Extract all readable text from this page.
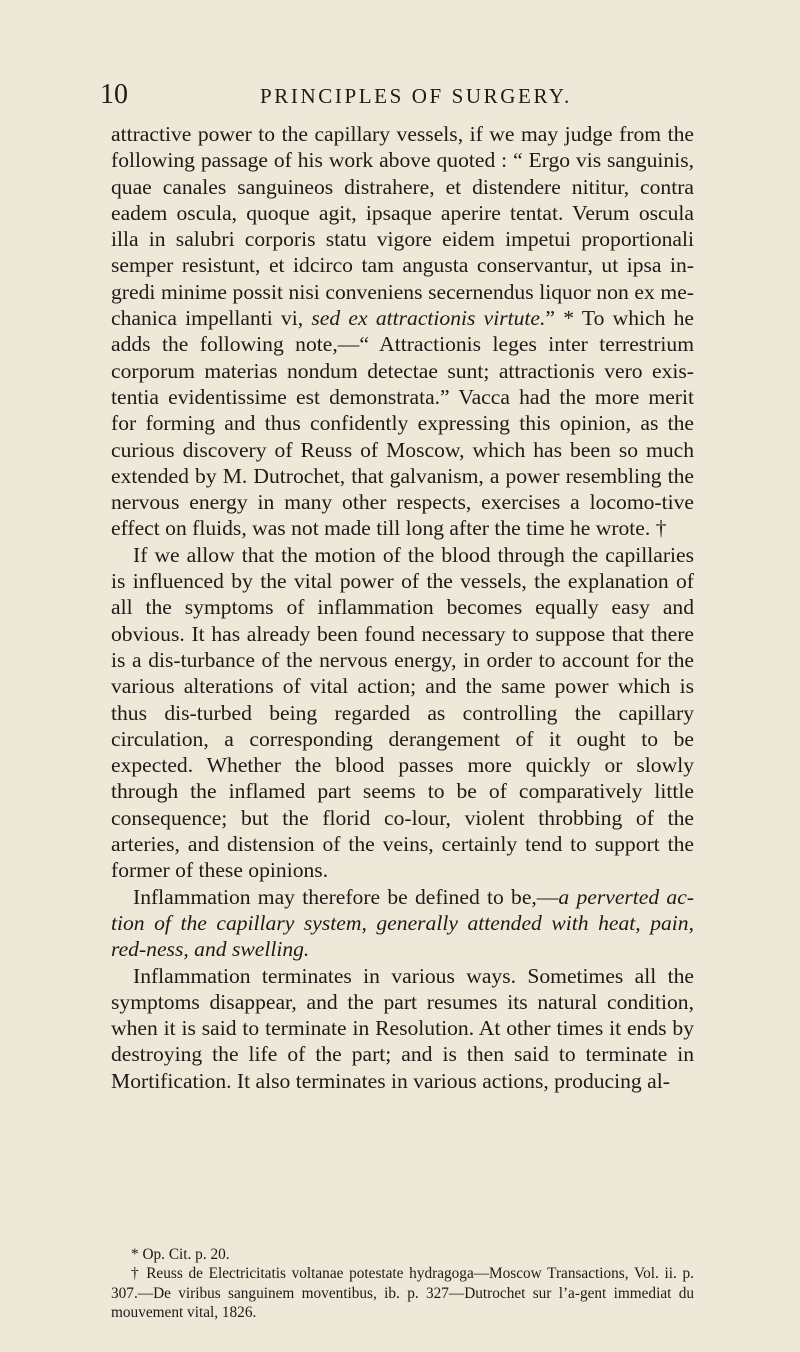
10	PRINCIPLES OF SURGERY.

attractive power to the capillary vessels, if we may judge from the following passage of his work above quoted : “ Ergo vis sanguinis, quae canales sanguineos distrahere, et distendere nititur, contra eadem oscula, quoque agit, ipsaque aperire tentat. Verum oscula illa in salubri corporis statu vigore eidem impetui proportionali semper resistunt, et idcirco tam angusta conservantur, ut ipsa in-gredi minime possit nisi conveniens secernendus liquor non ex me-chanica impellanti vi, sed ex attractionis virtute.” * To which he adds the following note,—“ Attractionis leges inter terrestrium corporum materias nondum detectae sunt; attractionis vero exis-tentia evidentissime est demonstrata.” Vacca had the more merit for forming and thus confidently expressing this opinion, as the curious discovery of Reuss of Moscow, which has been so much extended by M. Dutrochet, that galvanism, a power resembling the nervous energy in many other respects, exercises a locomo-tive effect on fluids, was not made till long after the time he wrote. †

If we allow that the motion of the blood through the capillaries is influenced by the vital power of the vessels, the explanation of all the symptoms of inflammation becomes equally easy and obvious. It has already been found necessary to suppose that there is a dis-turbance of the nervous energy, in order to account for the various alterations of vital action; and the same power which is thus dis-turbed being regarded as controlling the capillary circulation, a corresponding derangement of it ought to be expected. Whether the blood passes more quickly or slowly through the inflamed part seems to be of comparatively little consequence; but the florid co-lour, violent throbbing of the arteries, and distension of the veins, certainly tend to support the former of these opinions.

Inflammation may therefore be defined to be,—a perverted ac-tion of the capillary system, generally attended with heat, pain, red-ness, and swelling.

Inflammation terminates in various ways. Sometimes all the symptoms disappear, and the part resumes its natural condition, when it is said to terminate in Resolution. At other times it ends by destroying the life of the part; and is then said to terminate in Mortification. It also terminates in various actions, producing al-

* Op. Cit. p. 20.

† Reuss de Electricitatis voltanae potestate hydragoga—Moscow Transactions, Vol. ii. p. 307.—De viribus sanguinem moventibus, ib. p. 327—Dutrochet sur l’a-gent immediat du mouvement vital, 1826.
